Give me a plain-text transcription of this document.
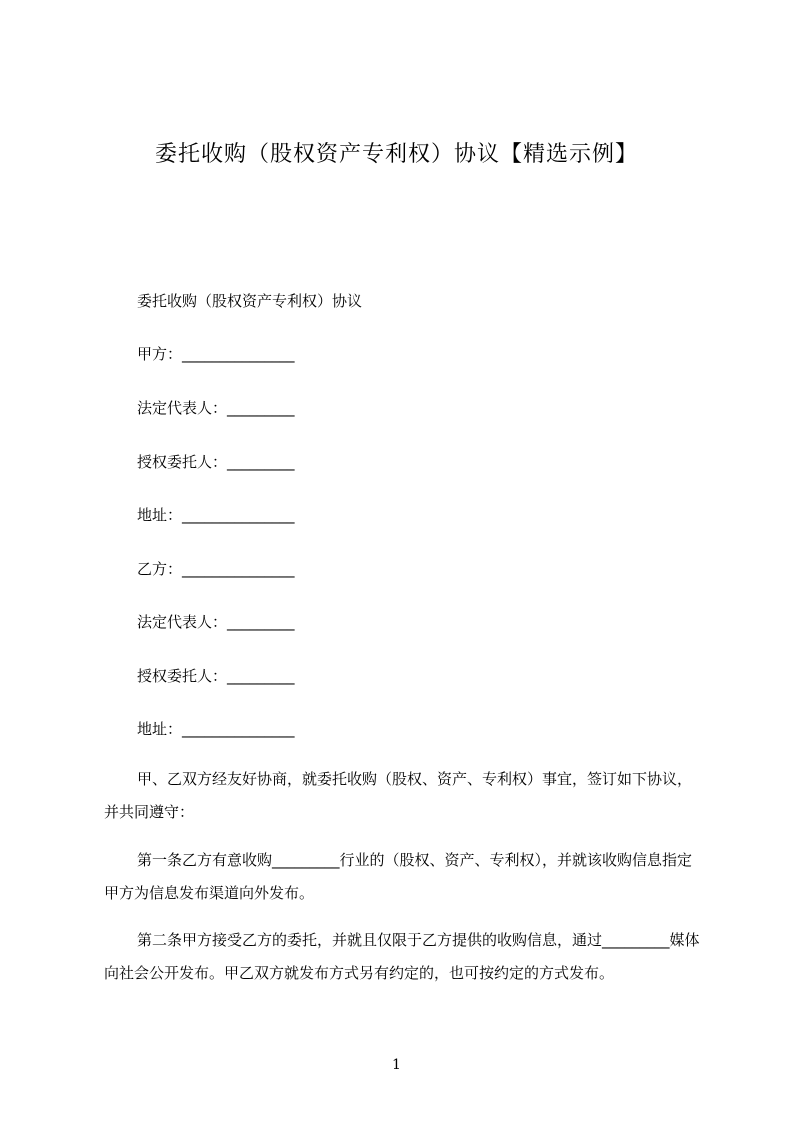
委托收购（股权资产专利权）协议【精选示例】
委托收购（股权资产专利权）协议
甲方：_______________
法定代表人：_________
授权委托人：_________
地址：_______________
乙方：_______________
法定代表人：_________
授权委托人：_________
地址：_______________
甲、乙双方经友好协商，就委托收购（股权、资产、专利权）事宜，签订如下协议，并共同遵守：
第一条乙方有意收购_________行业的（股权、资产、专利权），并就该收购信息指定甲方为信息发布渠道向外发布。
第二条甲方接受乙方的委托，并就且仅限于乙方提供的收购信息，通过_________媒体向社会公开发布。甲乙双方就发布方式另有约定的，也可按约定的方式发布。
1
